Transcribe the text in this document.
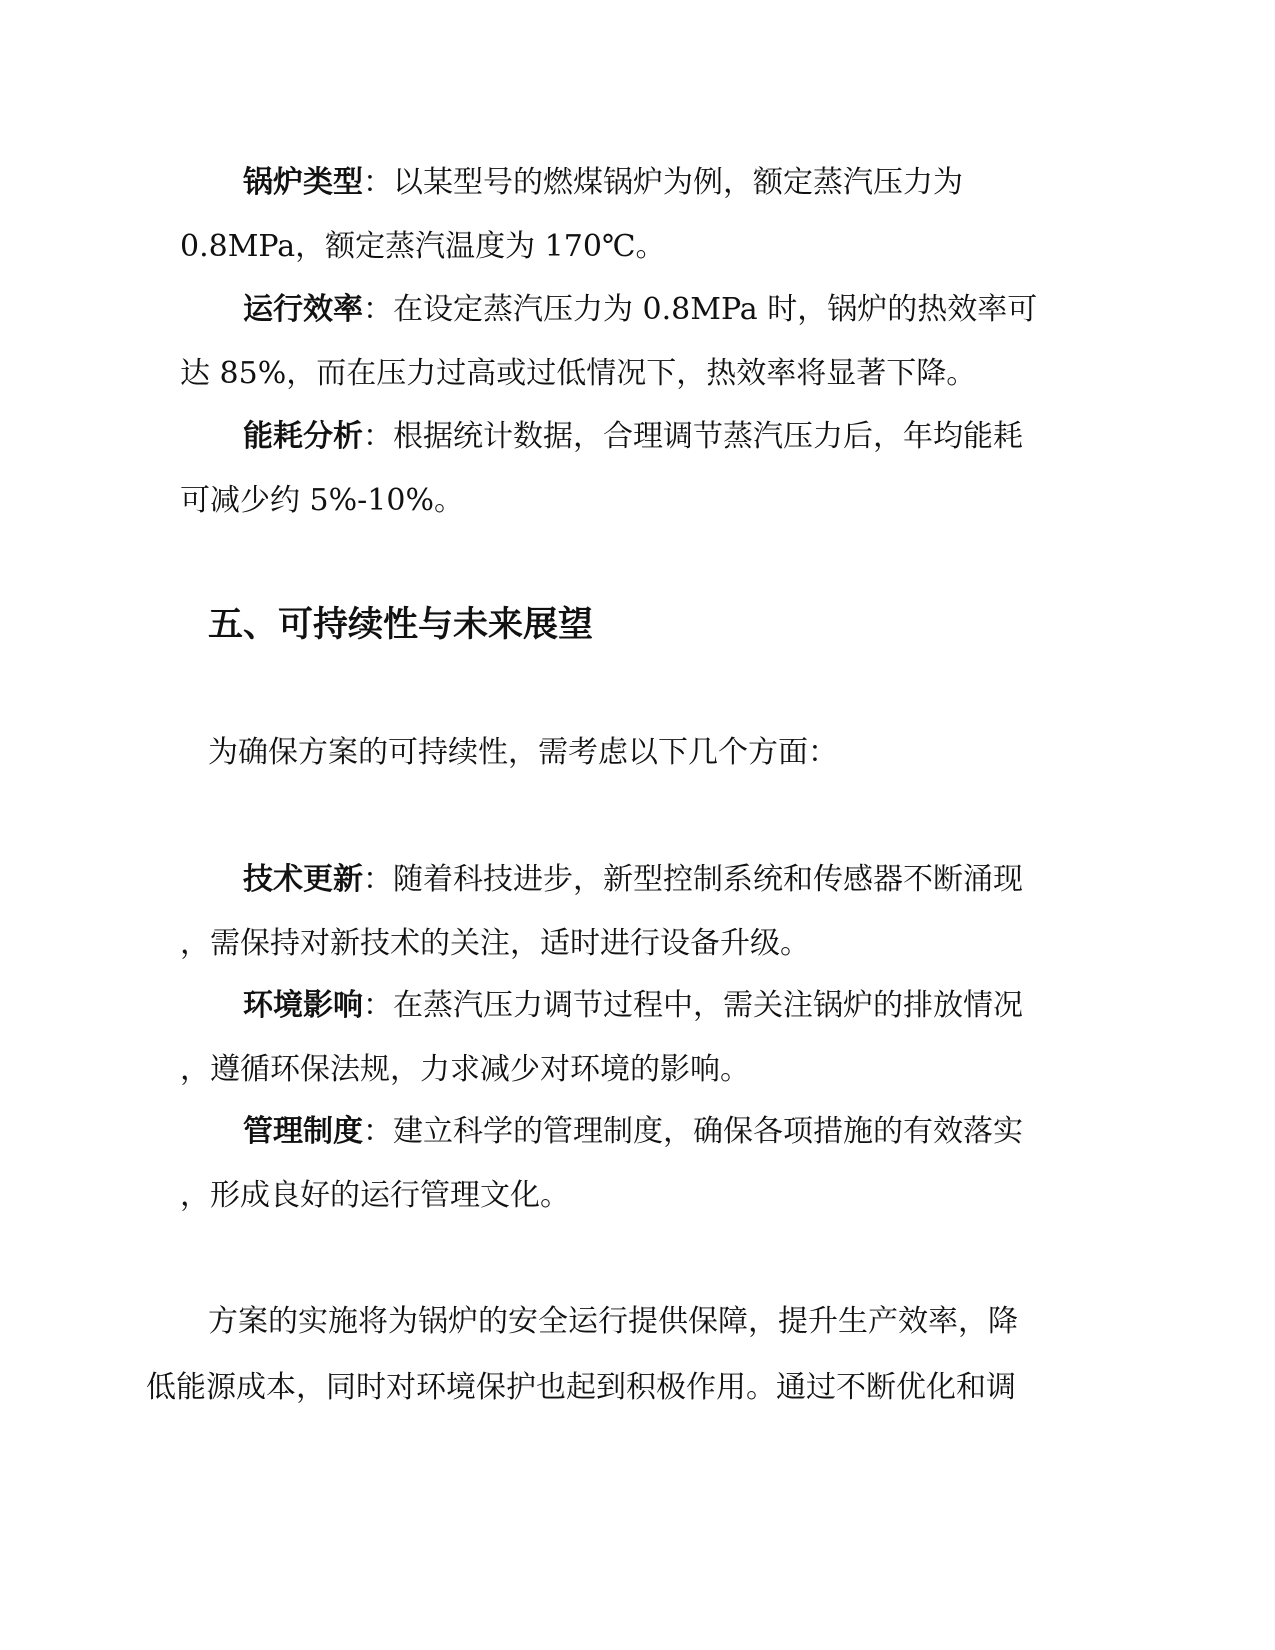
锅炉类型：以某型号的燃煤锅炉为例，额定蒸汽压力为
0.8MPa，额定蒸汽温度为 170℃。
运行效率：在设定蒸汽压力为 0.8MPa 时，锅炉的热效率可
达 85%，而在压力过高或过低情况下，热效率将显著下降。
能耗分析：根据统计数据，合理调节蒸汽压力后，年均能耗
可减少约 5%-10%。
五、可持续性与未来展望
为确保方案的可持续性，需考虑以下几个方面：
技术更新：随着科技进步，新型控制系统和传感器不断涌现
，需保持对新技术的关注，适时进行设备升级。
环境影响：在蒸汽压力调节过程中，需关注锅炉的排放情况
，遵循环保法规，力求减少对环境的影响。
管理制度：建立科学的管理制度，确保各项措施的有效落实
，形成良好的运行管理文化。
方案的实施将为锅炉的安全运行提供保障，提升生产效率，降
低能源成本，同时对环境保护也起到积极作用。通过不断优化和调
